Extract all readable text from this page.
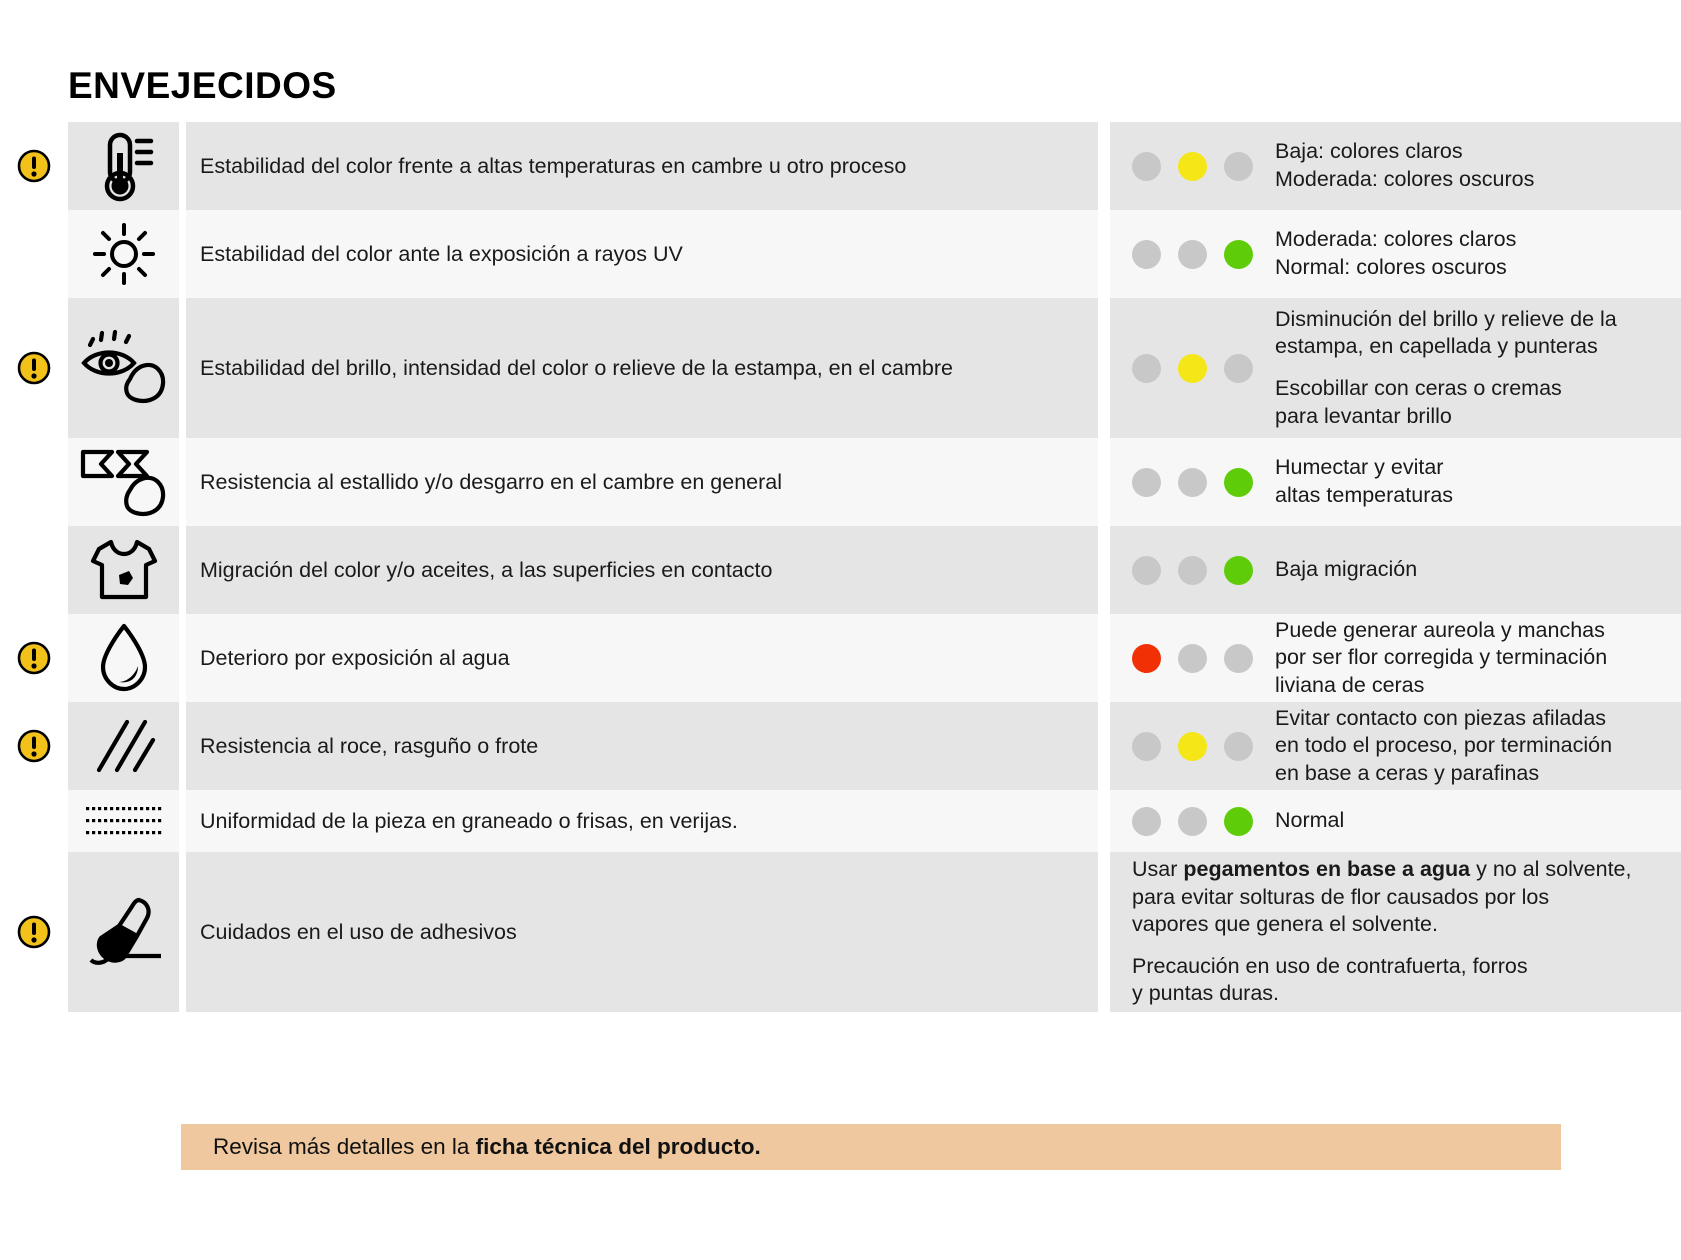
ENVEJECIDOS
Estabilidad del color frente a altas temperaturas en cambre u otro proceso

Baja: colores claros
Moderada: colores oscuros

Estabilidad del color ante la exposición a rayos UV

Moderada: colores claros
Normal: colores oscuros

Estabilidad del brillo, intensidad del color o relieve de la estampa, en el cambre

Disminución del brillo y relieve de la
estampa, en capellada y punteras

Escobillar con ceras o cremas
para levantar brillo

Resistencia al estallido y/o desgarro en el cambre en general

Humectar y evitar
altas temperaturas

Migración del color y/o aceites, a las superficies en contacto	Baja migración

Deterioro por exposición al agua

Puede generar aureola y manchas
por ser flor corregida y terminación
liviana de ceras

Resistencia al roce, rasguño o frote

Evitar contacto con piezas afiladas
en todo el proceso, por terminación
en base a ceras y parafinas

Uniformidad de la pieza en graneado o frisas, en verijas.	Normal

Cuidados en el uso de adhesivos

Usar pegamentos en base a agua y no al solvente,
para evitar solturas de flor causados por los
vapores que genera el solvente.

Precaución en uso de contrafuerta, forros
y puntas duras.

Revisa más detalles en la ficha técnica del producto.
